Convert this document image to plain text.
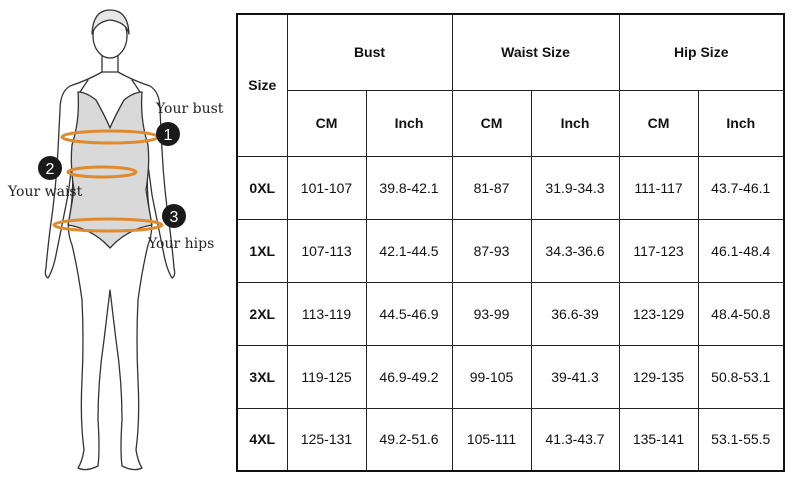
1
2
3
Your bust
Your waist
Your hips
Size	Bust		Waist Size		Hip Size	
	CM	Inch	CM	Inch	CM	Inch
0XL	101-107	39.8-42.1	81-87	31.9-34.3	111-117	43.7-46.1
1XL	107-113	42.1-44.5	87-93	34.3-36.6	117-123	46.1-48.4
2XL	113-119	44.5-46.9	93-99	36.6-39	123-129	48.4-50.8
3XL	119-125	46.9-49.2	99-105	39-41.3	129-135	50.8-53.1
4XL	125-131	49.2-51.6	105-111	41.3-43.7	135-141	53.1-55.5
